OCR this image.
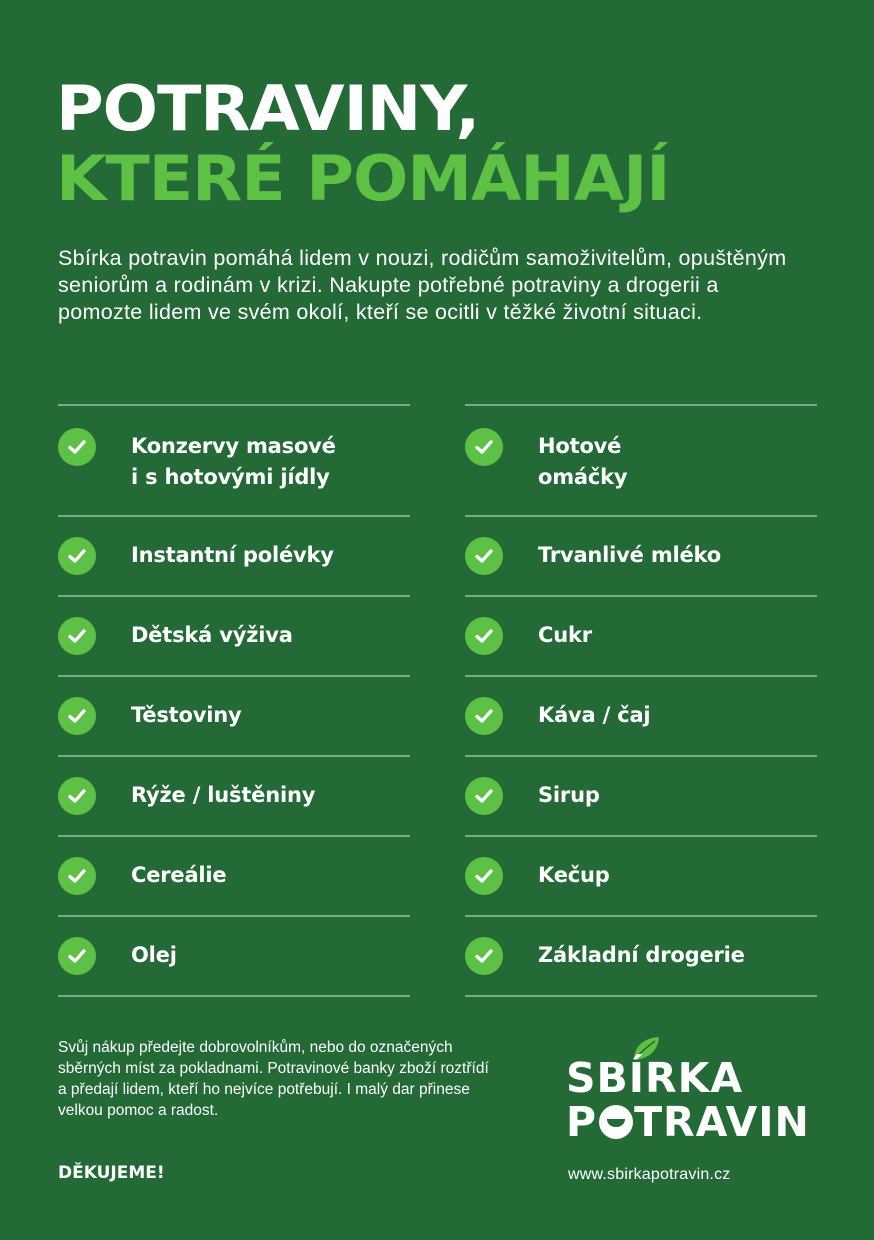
POTRAVINY,
KTERÉ POMÁHAJÍ

Sbírka potravin pomáhá lidem v nouzi, rodičům samoživitelům, opuštěným seniorům a rodinám v krizi. Nakupte potřebné potraviny a drogerii a pomozte lidem ve svém okolí, kteří se ocitli v těžké životní situaci.

Konzervy masové
i s hotovými jídly
Instantní polévky
Dětská výživa
Těstoviny
Rýže / luštěniny
Cereálie
Olej
Hotové
omáčky
Trvanlivé mléko
Cukr
Káva / čaj
Sirup
Kečup
Základní drogerie

Svůj nákup předejte dobrovolníkům, nebo do označených sběrných míst za pokladnami. Potravinové banky zboží roztřídí a předají lidem, kteří ho nejvíce potřebují. I malý dar přinese velkou pomoc a radost.

DĚKUJEME!
SBÍRKA
P TRAVIN
www.sbirkapotravin.cz
